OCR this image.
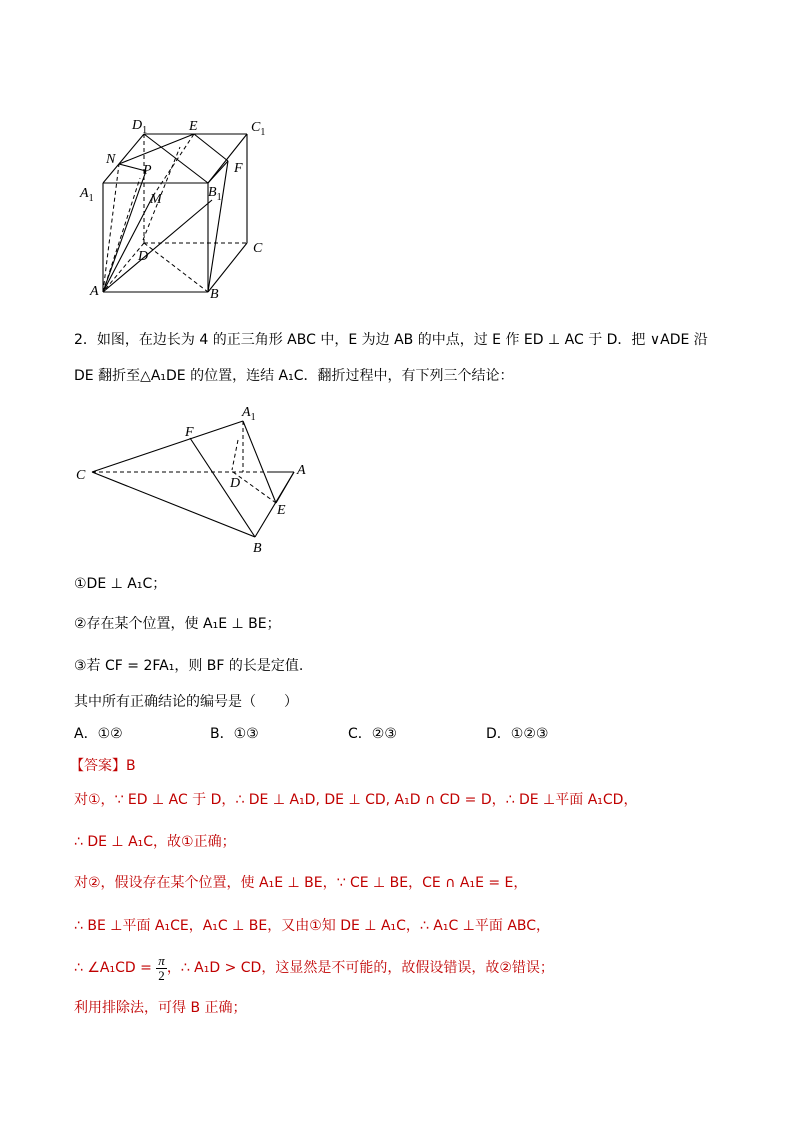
$D_1$	E	$C_1$
N
P	F
$A_1$	$B_1$
M
D
C
A	B
2．如图，在边长为 4 的正三角形 ABC 中，E 为边 AB 的中点，过 E 作 ED ⊥ AC 于 D．把 ∨ADE 沿
DE 翻折至△A₁DE 的位置，连结 A₁C．翻折过程中，有下列三个结论：
$A_1$
F
C
D
A
E
B
①DE ⊥ A₁C；
②存在某个位置，使 A₁E ⊥ BE；
③若 CF = 2FA₁，则 BF 的长是定值.
其中所有正确结论的编号是（　　）
A．①②	B．①③	C．②③	D．①②③
【答案】B
对①，∵ ED ⊥ AC 于 D，∴ DE ⊥ A₁D, DE ⊥ CD, A₁D ∩ CD = D，∴ DE ⊥平面 A₁CD，
∴ DE ⊥ A₁C，故①正确；
对②，假设存在某个位置，使 A₁E ⊥ BE，∵ CE ⊥ BE，CE ∩ A₁E = E，
∴ BE ⊥平面 A₁CE，A₁C ⊥ BE，又由①知 DE ⊥ A₁C，∴ A₁C ⊥平面 ABC，
∴ ∠A₁CD = $\frac{\pi}{2}$ ，∴ A₁D > CD，这显然是不可能的，故假设错误，故②错误；
利用排除法，可得 B 正确；
